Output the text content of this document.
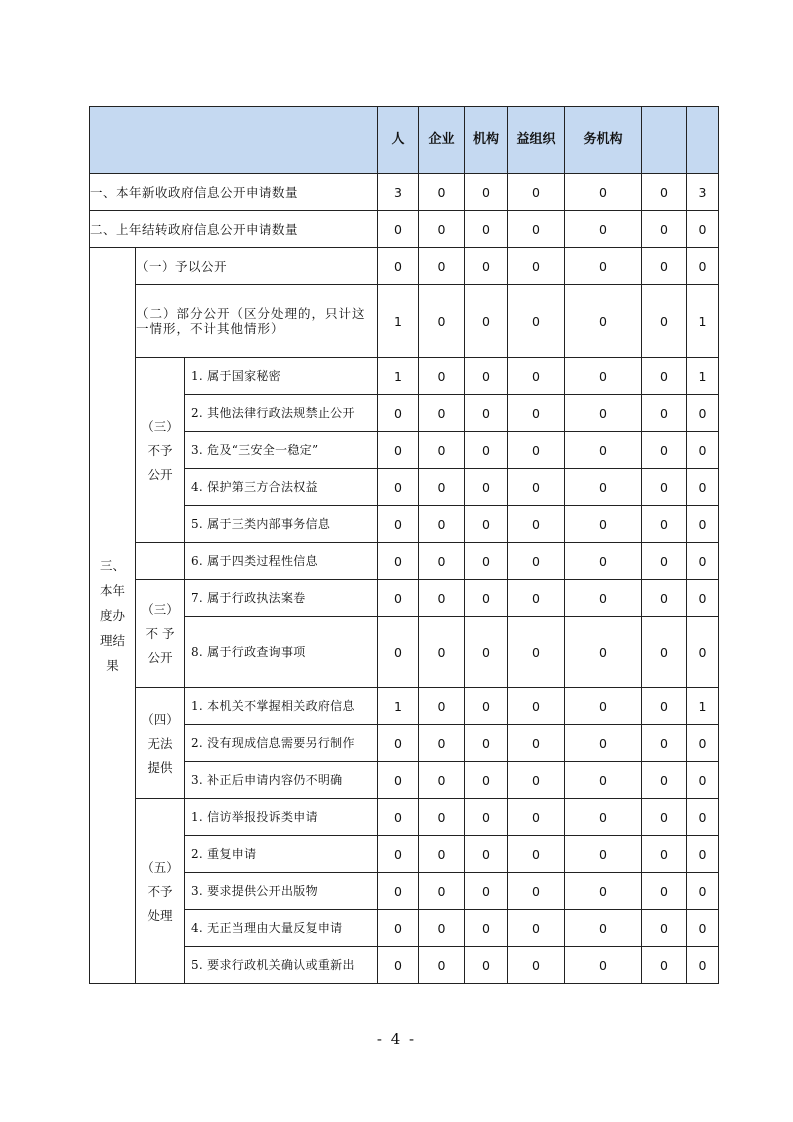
			人	企业	机构	益组织	务机构		
一、本年新收政府信息公开申请数量			3	0	0	0	0	0	3
二、上年结转政府信息公开申请数量			0	0	0	0	0	0	0

三、
本年
度办
理结
果	（一）予以公开		0	0	0	0	0	0	0

	（二）部分公开（区分处理的，只计这
一情形，不计其他情形）		1	0	0	0	0	0	1

	（三）
不予
公开	1. 属于国家秘密	1	0	0	0	0	0	1
		2. 其他法律行政法规禁止公开	0	0	0	0	0	0	0
		3. 危及“三安全一稳定”	0	0	0	0	0	0	0
		4. 保护第三方合法权益	0	0	0	0	0	0	0
		5. 属于三类内部事务信息	0	0	0	0	0	0	0
		6. 属于四类过程性信息	0	0	0	0	0	0	0

	（三）
不 予
公开	7. 属于行政执法案卷	0	0	0	0	0	0	0
		8. 属于行政查询事项	0	0	0	0	0	0	0

	（四）
无法
提供	1. 本机关不掌握相关政府信息	1	0	0	0	0	0	1
		2. 没有现成信息需要另行制作	0	0	0	0	0	0	0
		3. 补正后申请内容仍不明确	0	0	0	0	0	0	0

	（五）
不予
处理	1. 信访举报投诉类申请	0	0	0	0	0	0	0
		2. 重复申请	0	0	0	0	0	0	0
		3. 要求提供公开出版物	0	0	0	0	0	0	0
		4. 无正当理由大量反复申请	0	0	0	0	0	0	0
		5. 要求行政机关确认或重新出	0	0	0	0	0	0	0
- 4 -
